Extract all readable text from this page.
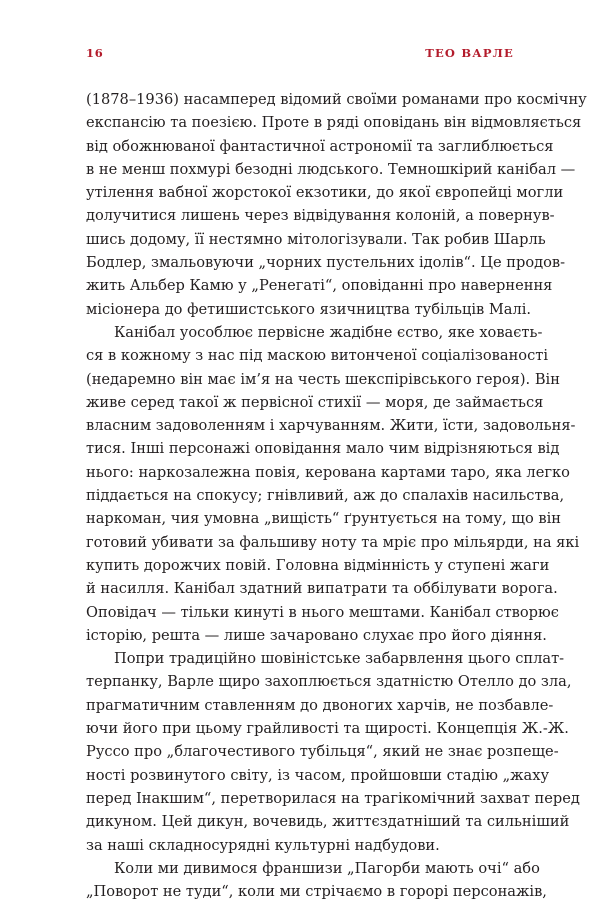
16	ТЕО ВАРЛЕ
(1878–1936) насамперед відомий своїми романами про космічну
експансію та поезією. Проте в ряді оповідань він відмовляється
від обожнюваної фантастичної астрономії та заглиблюється
в не менш похмурі безодні людського. Темношкірий канібал —
утілення вабної жорстокої екзотики, до якої європейці могли
долучитися лишень через відвідування колоній, а повернув-
шись додому, її нестямно мітологізували. Так робив Шарль
Бодлер, змальовуючи „чорних пустельних ідолів“. Це продов-
жить Альбер Камю у „Ренегаті“, оповіданні про навернення
місіонера до фетишистського язичництва тубільців Малі.
Канібал уособлює первісне жадібне єство, яке ховаєть-
ся в кожному з нас під маскою витонченої соціалізованості
(недаремно він має ім’я на честь шекспірівського героя). Він
живе серед такої ж первісної стихії — моря, де займається
власним задоволенням і харчуванням. Жити, їсти, задовольня-
тися. Інші персонажі оповідання мало чим відрізняються від
нього: наркозалежна повія, керована картами таро, яка легко
піддається на спокусу; гнівливий, аж до спалахів насильства,
наркоман, чия умовна „вищість“ ґрунтується на тому, що він
готовий убивати за фальшиву ноту та мріє про мільярди, на які
купить дорожчих повій. Головна відмінність у ступені жаги
й насилля. Канібал здатний випатрати та оббілувати ворога.
Оповідач — тільки кинуті в нього мештами. Канібал створює
історію, решта — лише зачаровано слухає про його діяння.
Попри традиційно шовіністське забарвлення цього сплат-
терпанку, Варле щиро захоплюється здатністю Отелло до зла,
прагматичним ставленням до двоногих харчів, не позбавле-
ючи його при цьому грайливості та щирості. Концепція Ж.-Ж.
Руссо про „благочестивого тубільця“, який не знає розпеще-
ності розвинутого світу, із часом, пройшовши стадію „жаху
перед Інакшим“, перетворилася на трагікомічний захват перед
дикуном. Цей дикун, вочевидь, життєздатніший та сильніший
за наші складносурядні культурні надбудови.
Коли ми дивимося франшизи „Пагорби мають очі“ або
„Поворот не туди“, коли ми стрічаємо в горорі персонажів,
